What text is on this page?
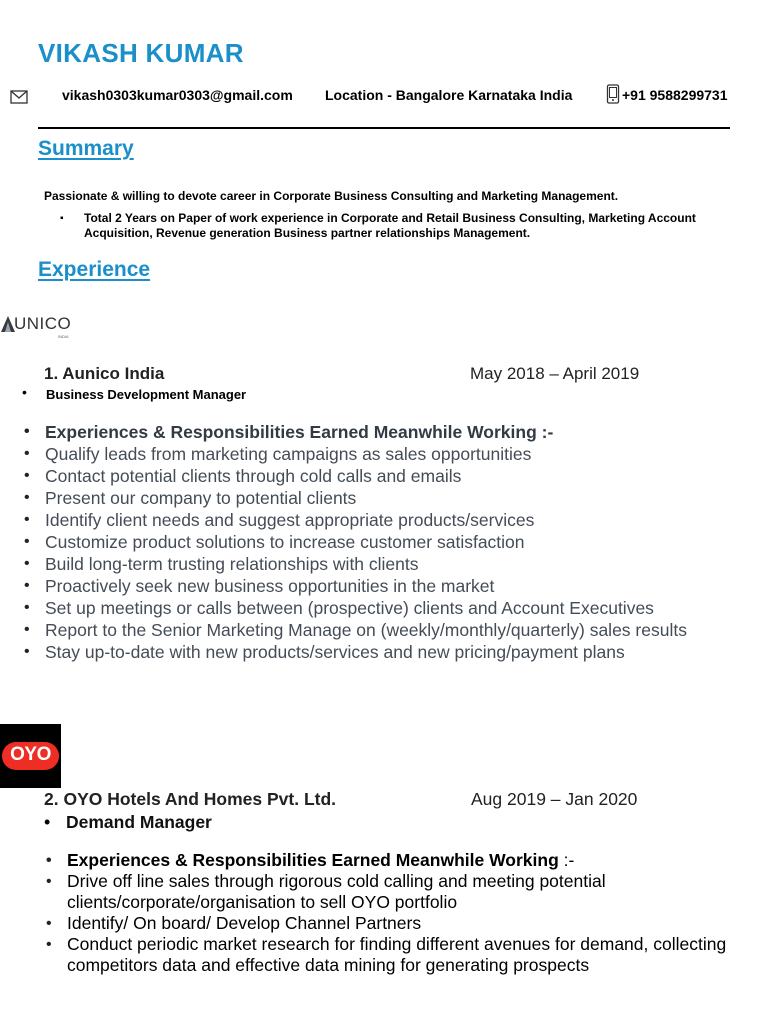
VIKASH KUMAR
vikash0303kumar0303@gmail.com Location - Bangalore Karnataka India	+91 9588299731
Summary
Passionate & willing to devote career in Corporate Business Consulting and Marketing Management.
▪ Total 2 Years on Paper of work experience in Corporate and Retail Business Consulting, Marketing Account Acquisition, Revenue generation Business partner relationships Management.
Experience
UNICO
INDIA
1. Aunico India	May 2018 – April 2019
• Business Development Manager
• Experiences & Responsibilities Earned Meanwhile Working :-
• Qualify leads from marketing campaigns as sales opportunities
• Contact potential clients through cold calls and emails
• Present our company to potential clients
• Identify client needs and suggest appropriate products/services
• Customize product solutions to increase customer satisfaction
• Build long-term trusting relationships with clients
• Proactively seek new business opportunities in the market
• Set up meetings or calls between (prospective) clients and Account Executives
• Report to the Senior Marketing Manage on (weekly/monthly/quarterly) sales results
• Stay up-to-date with new products/services and new pricing/payment plans
OYO
2. OYO Hotels And Homes Pvt. Ltd.	Aug 2019 – Jan 2020
• Demand Manager
• Experiences & Responsibilities Earned Meanwhile Working :-
• Drive off line sales through rigorous cold calling and meeting potential clients/corporate/organisation to sell OYO portfolio
• Identify/ On board/ Develop Channel Partners
• Conduct periodic market research for finding different avenues for demand, collecting competitors data and effective data mining for generating prospects
